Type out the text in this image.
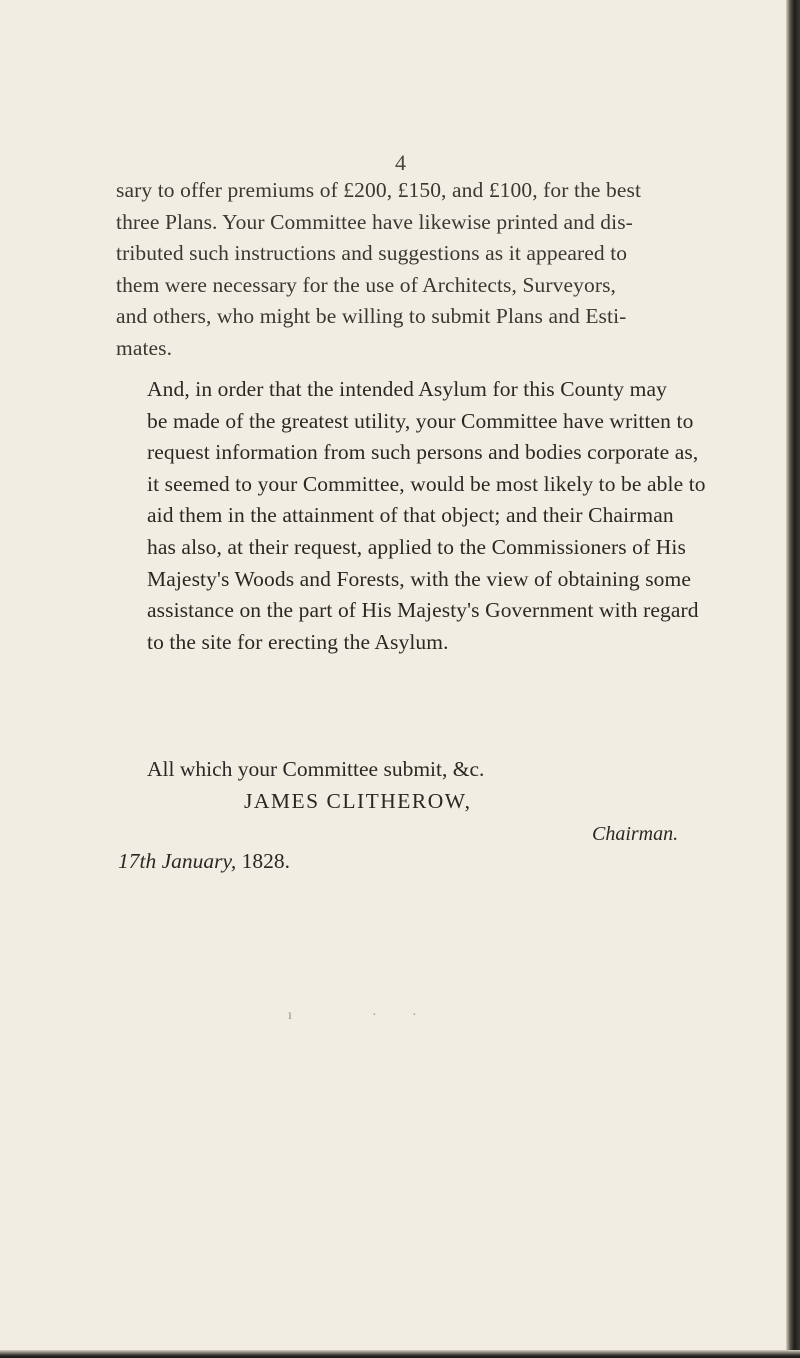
4

sary to offer premiums of £200, £150, and £100, for the best
three Plans. Your Committee have likewise printed and dis-
tributed such instructions and suggestions as it appeared to
them were necessary for the use of Architects, Surveyors,
and others, who might be willing to submit Plans and Esti-
mates.

And, in order that the intended Asylum for this County may
be made of the greatest utility, your Committee have written to
request information from such persons and bodies corporate as,
it seemed to your Committee, would be most likely to be able to
aid them in the attainment of that object; and their Chairman
has also, at their request, applied to the Commissioners of His
Majesty's Woods and Forests, with the view of obtaining some
assistance on the part of His Majesty's Government with regard
to the site for erecting the Asylum.

All which your Committee submit, &c.
JAMES CLITHEROW,
Chairman.
17th January, 1828.
ı	·	·
